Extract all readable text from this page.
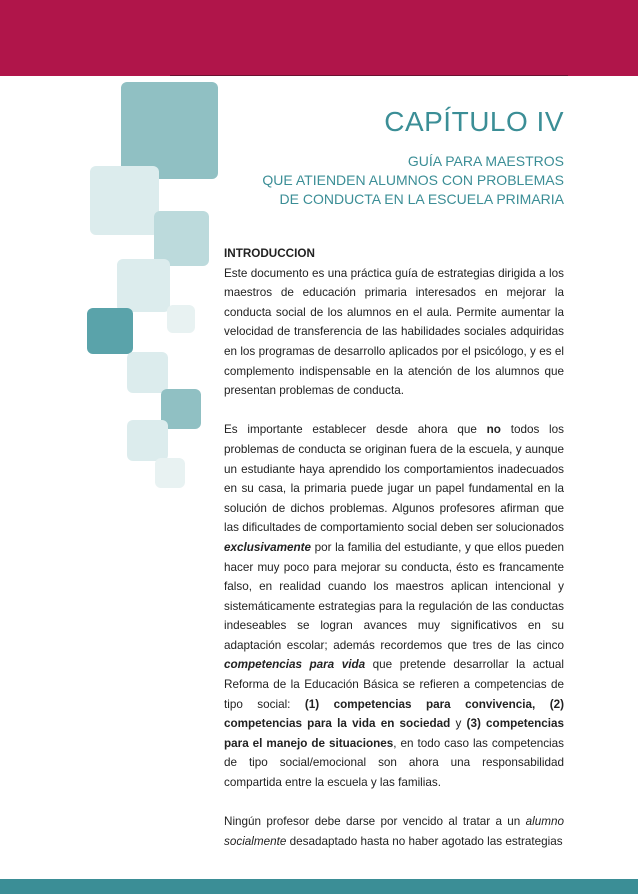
CAPÍTULO IV
GUÍA PARA MAESTROS
QUE ATIENDEN ALUMNOS CON PROBLEMAS
DE CONDUCTA EN LA ESCUELA PRIMARIA
INTRODUCCION

Este documento es una práctica guía de estrategias dirigida a los maestros de educación primaria interesados en mejorar la conducta social de los alumnos en el aula. Permite aumentar la velocidad de transferencia de las habilidades sociales adquiridas en los programas de desarrollo aplicados por el psicólogo, y es el complemento indispensable en la atención de los alumnos que presentan problemas de conducta.

Es importante establecer desde ahora que no todos los problemas de conducta se originan fuera de la escuela, y aunque un estudiante haya aprendido los comportamientos inadecuados en su casa, la primaria puede jugar un papel fundamental en la solución de dichos problemas. Algunos profesores afirman que las dificultades de comportamiento social deben ser solucionados exclusivamente por la familia del estudiante, y que ellos pueden hacer muy poco para mejorar su conducta, ésto es francamente falso, en realidad cuando los maestros aplican intencional y sistemáticamente estrategias para la regulación de las conductas indeseables se logran avances muy significativos en su adaptación escolar; además recordemos que tres de las cinco competencias para vida que pretende desarrollar la actual Reforma de la Educación Básica se refieren a competencias de tipo social: (1) competencias para convivencia, (2) competencias para la vida en sociedad y (3) competencias para el manejo de situaciones, en todo caso las competencias de tipo social/emocional son ahora una responsabilidad compartida entre la escuela y las familias.

Ningún profesor debe darse por vencido al tratar a un alumno socialmente desadaptado hasta no haber agotado las estrategias
